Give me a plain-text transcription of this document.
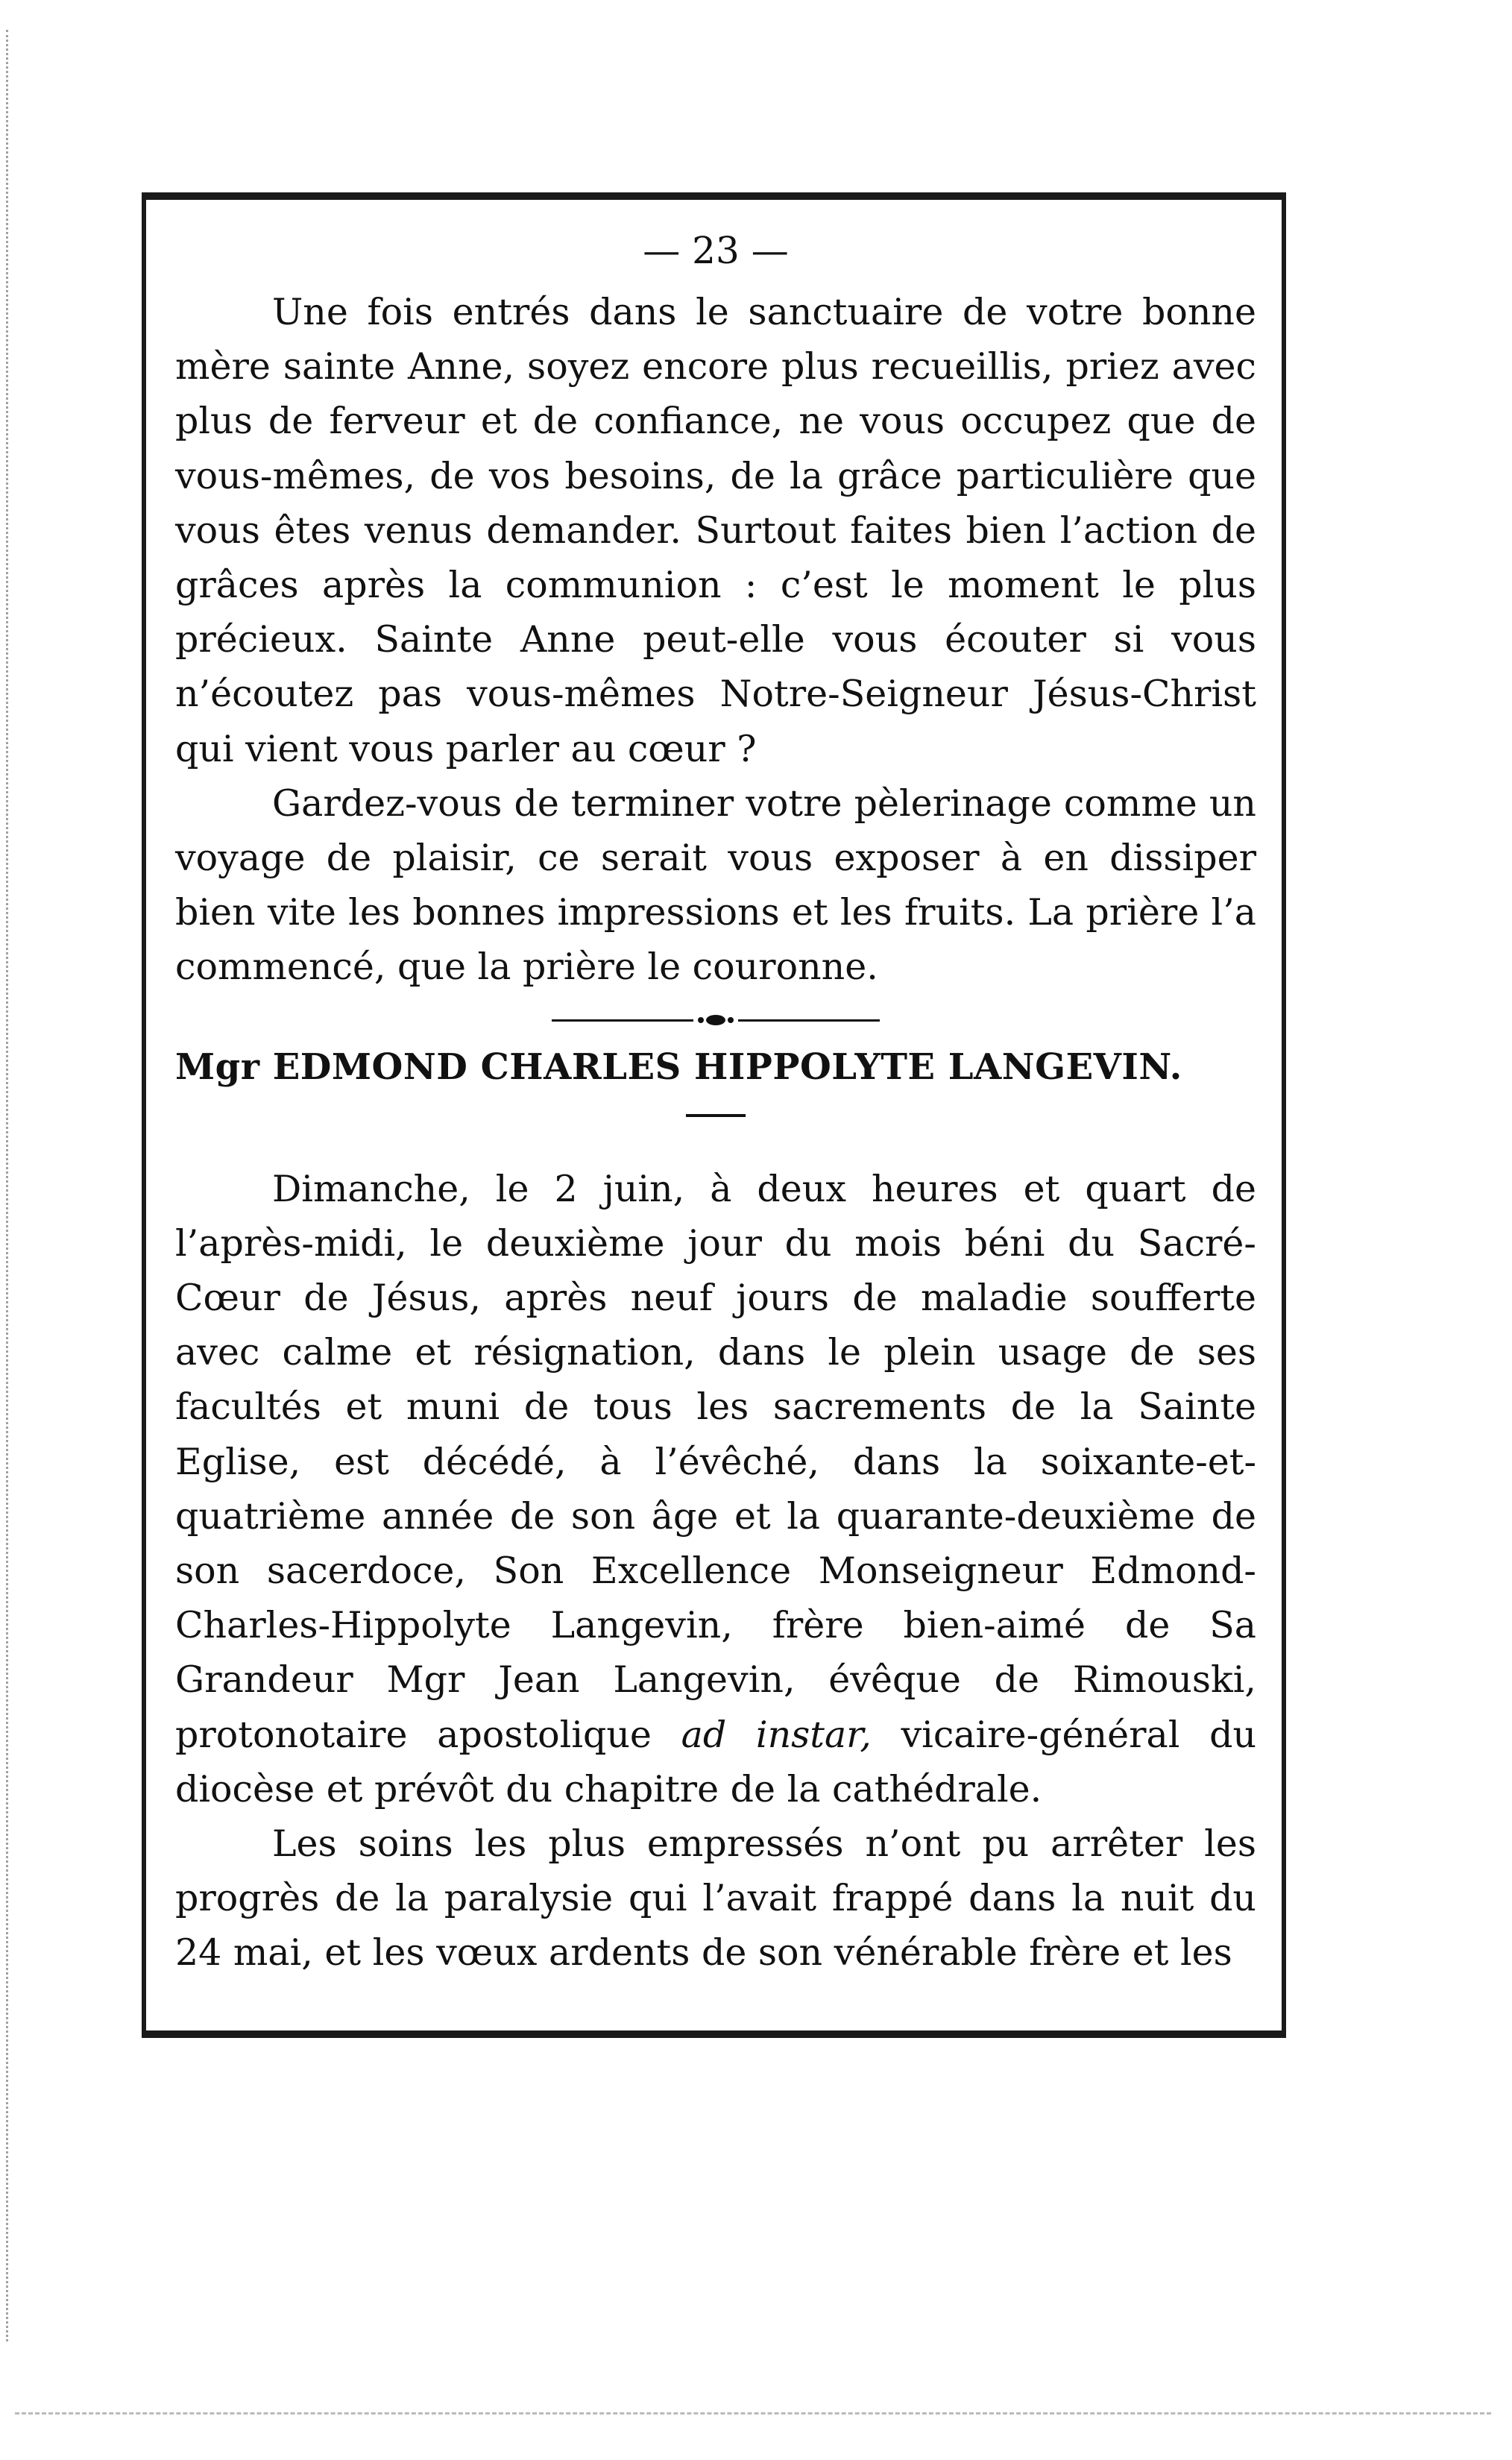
— 23 —

Une fois entrés dans le sanctuaire de votre bonne mère sainte Anne, soyez encore plus recueillis, priez avec plus de ferveur et de confiance, ne vous occupez que de vous-mêmes, de vos besoins, de la grâce particulière que vous êtes venus demander. Surtout faites bien l’action de grâces après la communion : c’est le moment le plus précieux. Sainte Anne peut-elle vous écouter si vous n’écoutez pas vous-mêmes Notre-Seigneur Jésus-Christ qui vient vous parler au cœur ?

Gardez-vous de terminer votre pèlerinage comme un voyage de plaisir, ce serait vous exposer à en dissiper bien vite les bonnes impressions et les fruits. La prière l’a commencé, que la prière le couronne.

Mgr EDMOND CHARLES HIPPOLYTE LANGEVIN.

Dimanche, le 2 juin, à deux heures et quart de l’après-midi, le deuxième jour du mois béni du Sacré-Cœur de Jésus, après neuf jours de maladie soufferte avec calme et résignation, dans le plein usage de ses facultés et muni de tous les sacrements de la Sainte Eglise, est décédé, à l’évêché, dans la soixante-et-quatrième année de son âge et la quarante-deuxième de son sacerdoce, Son Excellence Monseigneur Edmond-Charles-Hippolyte Langevin, frère bien-aimé de Sa Grandeur Mgr Jean Langevin, évêque de Rimouski, protonotaire apostolique ad instar, vicaire-général du diocèse et prévôt du chapitre de la cathédrale.

Les soins les plus empressés n’ont pu arrêter les progrès de la paralysie qui l’avait frappé dans la nuit du 24 mai, et les vœux ardents de son vénérable frère et les
